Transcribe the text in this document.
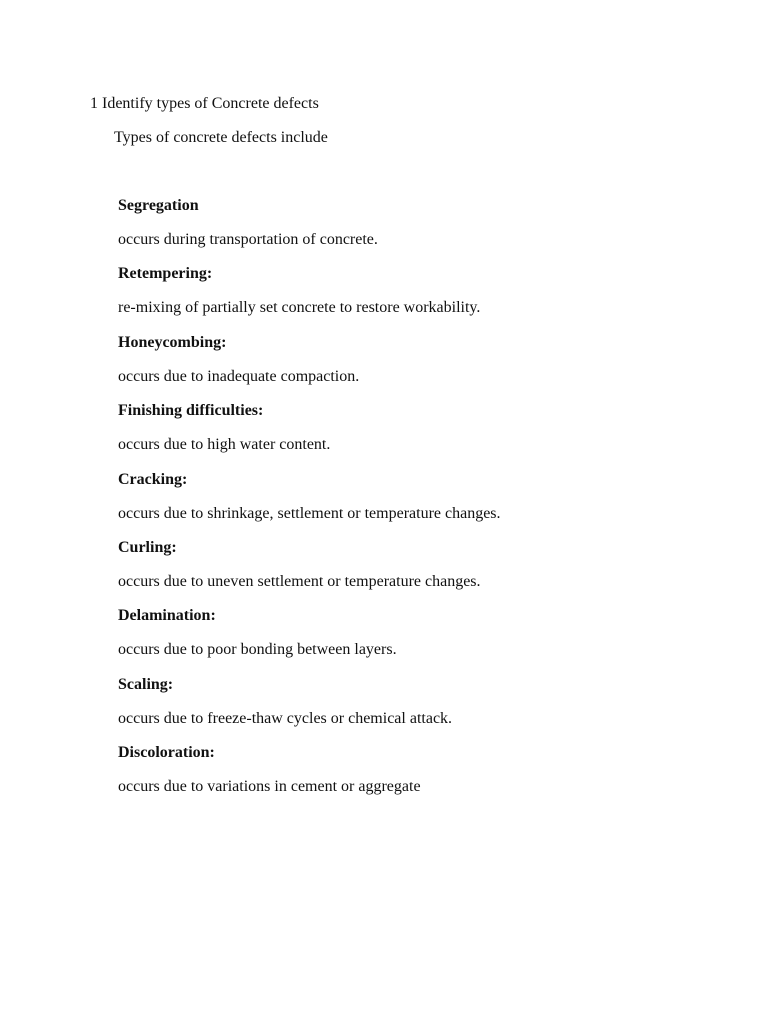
1 Identify types of Concrete defects
Types of concrete defects include
Segregation
occurs during transportation of concrete.
Retempering:
re-mixing of partially set concrete to restore workability.
Honeycombing:
occurs due to inadequate compaction.
Finishing difficulties:
occurs due to high water content.
Cracking:
occurs due to shrinkage, settlement or temperature changes.
Curling:
occurs due to uneven settlement or temperature changes.
Delamination:
occurs due to poor bonding between layers.
Scaling:
occurs due to freeze-thaw cycles or chemical attack.
Discoloration:
occurs due to variations in cement or aggregate
